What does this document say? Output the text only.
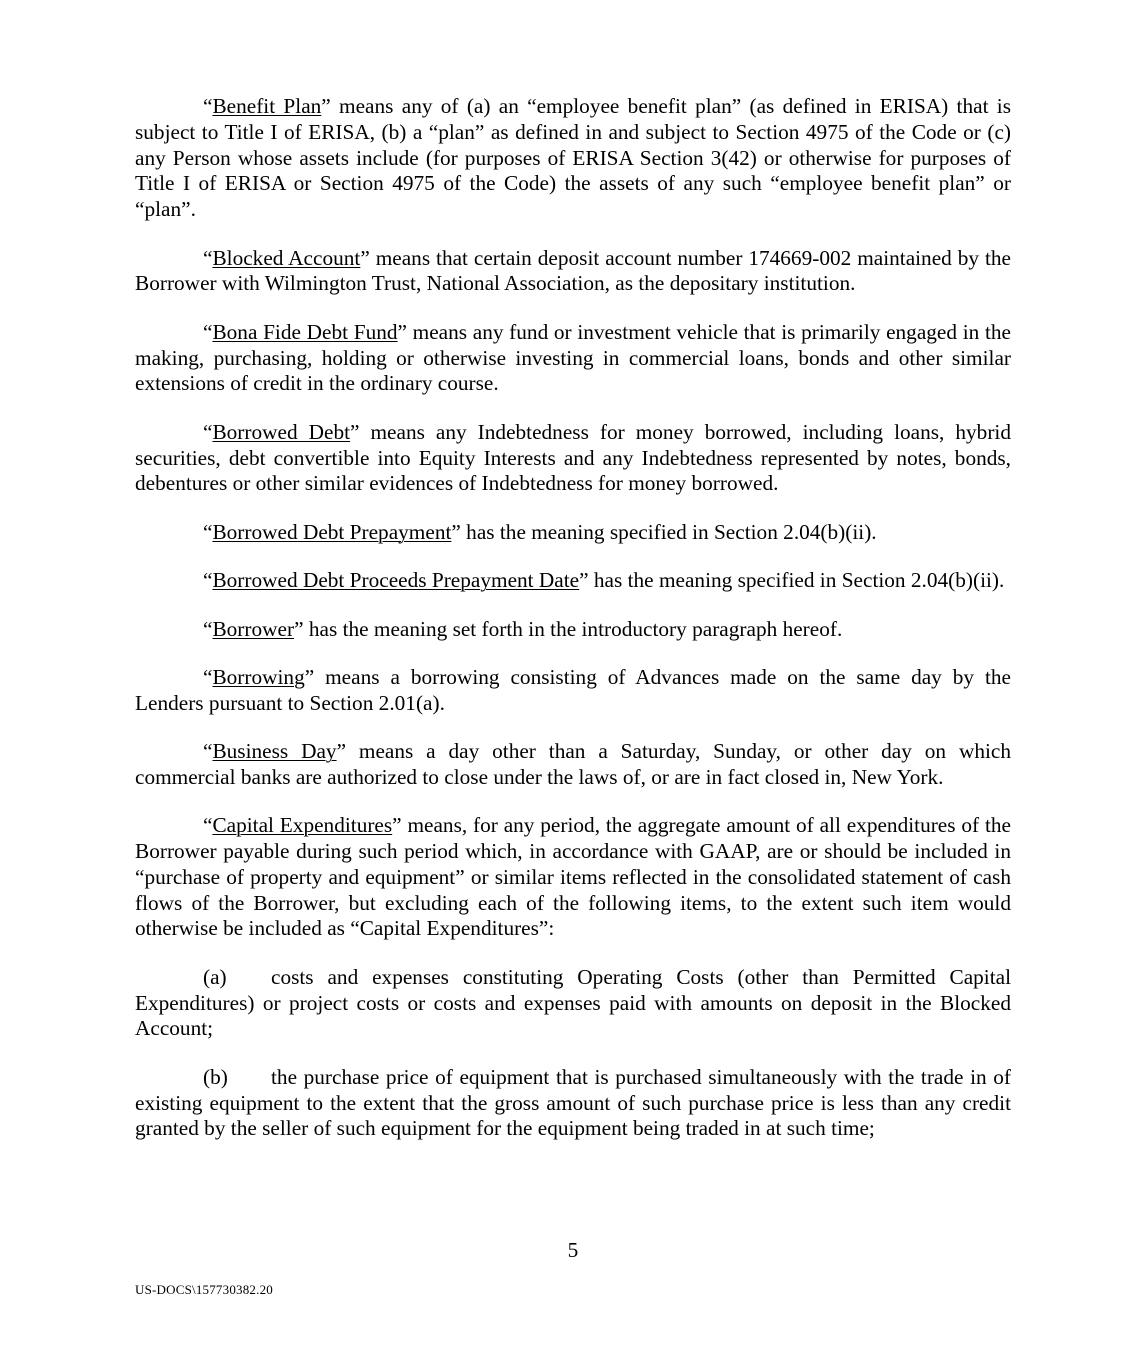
“Benefit Plan” means any of (a) an “employee benefit plan” (as defined in ERISA) that is subject to Title I of ERISA, (b) a “plan” as defined in and subject to Section 4975 of the Code or (c) any Person whose assets include (for purposes of ERISA Section 3(42) or otherwise for purposes of Title I of ERISA or Section 4975 of the Code) the assets of any such “employee benefit plan” or “plan”.

“Blocked Account” means that certain deposit account number 174669-002 maintained by the Borrower with Wilmington Trust, National Association, as the depositary institution.

“Bona Fide Debt Fund” means any fund or investment vehicle that is primarily engaged in the making, purchasing, holding or otherwise investing in commercial loans, bonds and other similar extensions of credit in the ordinary course.

“Borrowed Debt” means any Indebtedness for money borrowed, including loans, hybrid securities, debt convertible into Equity Interests and any Indebtedness represented by notes, bonds, debentures or other similar evidences of Indebtedness for money borrowed.

“Borrowed Debt Prepayment” has the meaning specified in Section 2.04(b)(ii).

“Borrowed Debt Proceeds Prepayment Date” has the meaning specified in Section 2.04(b)(ii).

“Borrower” has the meaning set forth in the introductory paragraph hereof.

“Borrowing” means a borrowing consisting of Advances made on the same day by the Lenders pursuant to Section 2.01(a).

“Business Day” means a day other than a Saturday, Sunday, or other day on which commercial banks are authorized to close under the laws of, or are in fact closed in, New York.

“Capital Expenditures” means, for any period, the aggregate amount of all expenditures of the Borrower payable during such period which, in accordance with GAAP, are or should be included in “purchase of property and equipment” or similar items reflected in the consolidated statement of cash flows of the Borrower, but excluding each of the following items, to the extent such item would otherwise be included as “Capital Expenditures”:

(a) costs and expenses constituting Operating Costs (other than Permitted Capital Expenditures) or project costs or costs and expenses paid with amounts on deposit in the Blocked Account;

(b) the purchase price of equipment that is purchased simultaneously with the trade in of existing equipment to the extent that the gross amount of such purchase price is less than any credit granted by the seller of such equipment for the equipment being traded in at such time;

5
US-DOCS\157730382.20
